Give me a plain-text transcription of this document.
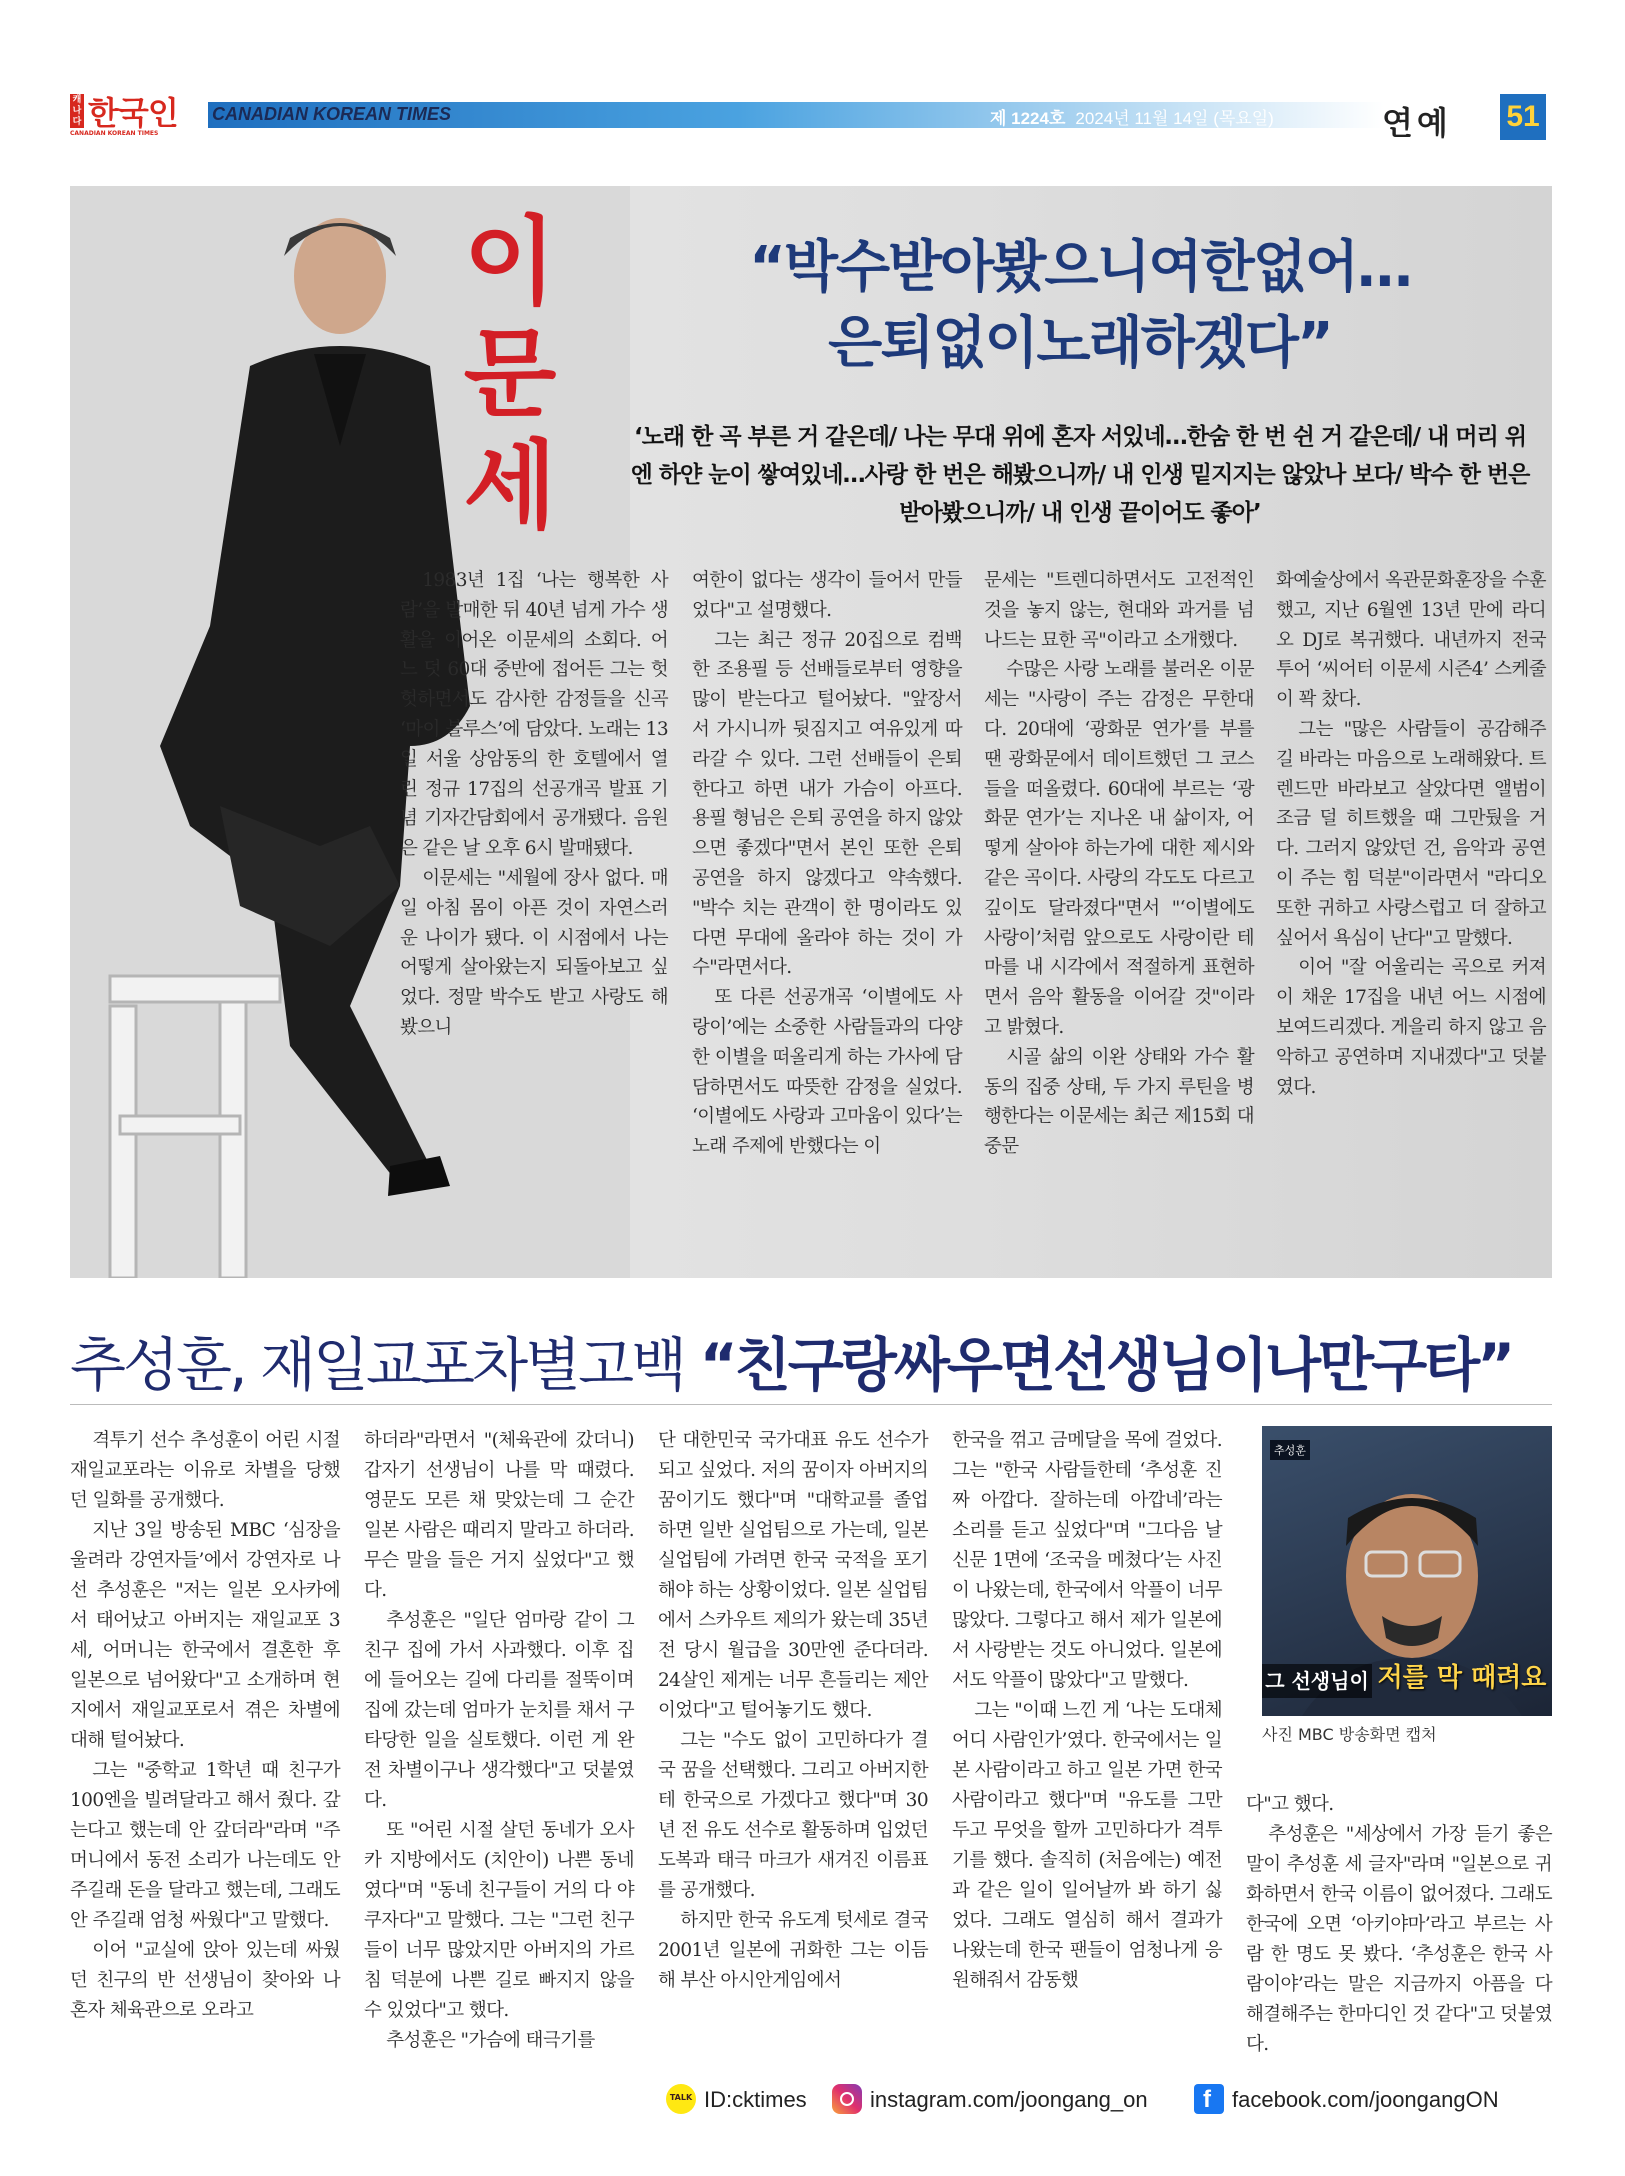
캐나다 한국인
CANADIAN KOREAN TIMES
CANADIAN KOREAN TIMES	제 1224호 2024년 11월 14일 (목요일)	연예 51
이문세
“박수받아봤으니여한없어…
은퇴없이노래하겠다”
‘노래 한 곡 부른 거 같은데/ 나는 무대 위에 혼자 서있네…한숨 한 번 쉰 거 같은데/ 내 머리 위엔 하얀 눈이 쌓여있네…사랑 한 번은 해봤으니까/ 내 인생 밑지지는 않았나 보다/ 박수 한 번은 받아봤으니까/ 내 인생 끝이어도 좋아’

1983년 1집 ‘나는 행복한 사람’을 발매한 뒤 40년 넘게 가수 생활을 이어온 이문세의 소회다. 어느 덧 60대 중반에 접어든 그는 헛헛하면서도 감사한 감정들을 신곡 ‘마이 블루스’에 담았다. 노래는 13일 서울 상암동의 한 호텔에서 열린 정규 17집의 선공개곡 발표 기념 기자간담회에서 공개됐다. 음원은 같은 날 오후 6시 발매됐다.

이문세는 "세월에 장사 없다. 매일 아침 몸이 아픈 것이 자연스러운 나이가 됐다. 이 시점에서 나는 어떻게 살아왔는지 되돌아보고 싶었다. 정말 박수도 받고 사랑도 해봤으니

여한이 없다는 생각이 들어서 만들었다"고 설명했다.

그는 최근 정규 20집으로 컴백한 조용필 등 선배들로부터 영향을 많이 받는다고 털어놨다. "앞장서서 가시니까 뒷짐지고 여유있게 따라갈 수 있다. 그런 선배들이 은퇴한다고 하면 내가 가슴이 아프다. 용필 형님은 은퇴 공연을 하지 않았으면 좋겠다"면서 본인 또한 은퇴 공연을 하지 않겠다고 약속했다. "박수 치는 관객이 한 명이라도 있다면 무대에 올라야 하는 것이 가수"라면서다.

또 다른 선공개곡 ‘이별에도 사랑이’에는 소중한 사람들과의 다양한 이별을 떠올리게 하는 가사에 담담하면서도 따뜻한 감정을 실었다. ‘이별에도 사랑과 고마움이 있다’는 노래 주제에 반했다는 이

문세는 "트렌디하면서도 고전적인 것을 놓지 않는, 현대와 과거를 넘나드는 묘한 곡"이라고 소개했다.

수많은 사랑 노래를 불러온 이문세는 "사랑이 주는 감정은 무한대다. 20대에 ‘광화문 연가’를 부를 땐 광화문에서 데이트했던 그 코스들을 떠올렸다. 60대에 부르는 ‘광화문 연가’는 지나온 내 삶이자, 어떻게 살아야 하는가에 대한 제시와 같은 곡이다. 사랑의 각도도 다르고 깊이도 달라졌다"면서 "‘이별에도 사랑이’처럼 앞으로도 사랑이란 테마를 내 시각에서 적절하게 표현하면서 음악 활동을 이어갈 것"이라고 밝혔다.

시골 삶의 이완 상태와 가수 활동의 집중 상태, 두 가지 루틴을 병행한다는 이문세는 최근 제15회 대중문

화예술상에서 옥관문화훈장을 수훈했고, 지난 6월엔 13년 만에 라디오 DJ로 복귀했다. 내년까지 전국투어 ‘씨어터 이문세 시즌4’ 스케줄이 꽉 찼다.

그는 "많은 사람들이 공감해주길 바라는 마음으로 노래해왔다. 트렌드만 바라보고 살았다면 앨범이 조금 덜 히트했을 때 그만뒀을 거다. 그러지 않았던 건, 음악과 공연이 주는 힘 덕분"이라면서 "라디오 또한 귀하고 사랑스럽고 더 잘하고 싶어서 욕심이 난다"고 말했다.

이어 "잘 어울리는 곡으로 커져이 채운 17집을 내년 어느 시점에 보여드리겠다. 게을리 하지 않고 음악하고 공연하며 지내겠다"고 덧붙였다.

추성훈, 재일교포차별고백 “친구랑싸우면선생님이나만구타”

격투기 선수 추성훈이 어린 시절 재일교포라는 이유로 차별을 당했던 일화를 공개했다.

지난 3일 방송된 MBC ‘심장을 울려라 강연자들’에서 강연자로 나선 추성훈은 "저는 일본 오사카에서 태어났고 아버지는 재일교포 3세, 어머니는 한국에서 결혼한 후 일본으로 넘어왔다"고 소개하며 현지에서 재일교포로서 겪은 차별에 대해 털어놨다.

그는 "중학교 1학년 때 친구가 100엔을 빌려달라고 해서 줬다. 갚는다고 했는데 안 갚더라"라며 "주머니에서 동전 소리가 나는데도 안 주길래 돈을 달라고 했는데, 그래도 안 주길래 엄청 싸웠다"고 말했다.

이어 "교실에 앉아 있는데 싸웠던 친구의 반 선생님이 찾아와 나 혼자 체육관으로 오라고

하더라"라면서 "(체육관에 갔더니) 갑자기 선생님이 나를 막 때렸다. 영문도 모른 채 맞았는데 그 순간 일본 사람은 때리지 말라고 하더라. 무슨 말을 들은 거지 싶었다"고 했다.

추성훈은 "일단 엄마랑 같이 그 친구 집에 가서 사과했다. 이후 집에 들어오는 길에 다리를 절뚝이며 집에 갔는데 엄마가 눈치를 채서 구타당한 일을 실토했다. 이런 게 완전 차별이구나 생각했다"고 덧붙였다.

또 "어린 시절 살던 동네가 오사카 지방에서도 (치안이) 나쁜 동네였다"며 "동네 친구들이 거의 다 야쿠자다"고 말했다. 그는 "그런 친구들이 너무 많았지만 아버지의 가르침 덕분에 나쁜 길로 빠지지 않을 수 있었다"고 했다.

추성훈은 "가슴에 태극기를

단 대한민국 국가대표 유도 선수가 되고 싶었다. 저의 꿈이자 아버지의 꿈이기도 했다"며 "대학교를 졸업하면 일반 실업팀으로 가는데, 일본 실업팀에 가려면 한국 국적을 포기해야 하는 상황이었다. 일본 실업팀에서 스카우트 제의가 왔는데 35년 전 당시 월급을 30만엔 준다더라. 24살인 제게는 너무 흔들리는 제안이었다"고 털어놓기도 했다.

그는 "수도 없이 고민하다가 결국 꿈을 선택했다. 그리고 아버지한테 한국으로 가겠다고 했다"며 30년 전 유도 선수로 활동하며 입었던 도복과 태극 마크가 새겨진 이름표를 공개했다.

하지만 한국 유도계 텃세로 결국 2001년 일본에 귀화한 그는 이듬해 부산 아시안게임에서

한국을 꺾고 금메달을 목에 걸었다. 그는 "한국 사람들한테 ‘추성훈 진짜 아깝다. 잘하는데 아깝네’라는 소리를 듣고 싶었다"며 "그다음 날 신문 1면에 ‘조국을 메쳤다’는 사진이 나왔는데, 한국에서 악플이 너무 많았다. 그렇다고 해서 제가 일본에서 사랑받는 것도 아니었다. 일본에서도 악플이 많았다"고 말했다.

그는 "이때 느낀 게 ‘나는 도대체 어디 사람인가’였다. 한국에서는 일본 사람이라고 하고 일본 가면 한국 사람이라고 했다"며 "유도를 그만두고 무엇을 할까 고민하다가 격투기를 했다. 솔직히 (처음에는) 예전과 같은 일이 일어날까 봐 하기 싫었다. 그래도 열심히 해서 결과가 나왔는데 한국 팬들이 엄청나게 응원해줘서 감동했

추성훈
그 선생님이 저를 막 때려요
사진 MBC 방송화면 캡처

다"고 했다.

추성훈은 "세상에서 가장 듣기 좋은 말이 추성훈 세 글자"라며 "일본으로 귀화하면서 한국 이름이 없어졌다. 그래도 한국에 오면 ‘아키야마’라고 부르는 사람 한 명도 못 봤다. ‘추성훈은 한국 사람이야’라는 말은 지금까지 아픔을 다 해결해주는 한마디인 것 같다"고 덧붙였다.

TALKID:cktimes	instagram.com/joongang_on
f	facebook.com/joongangON
